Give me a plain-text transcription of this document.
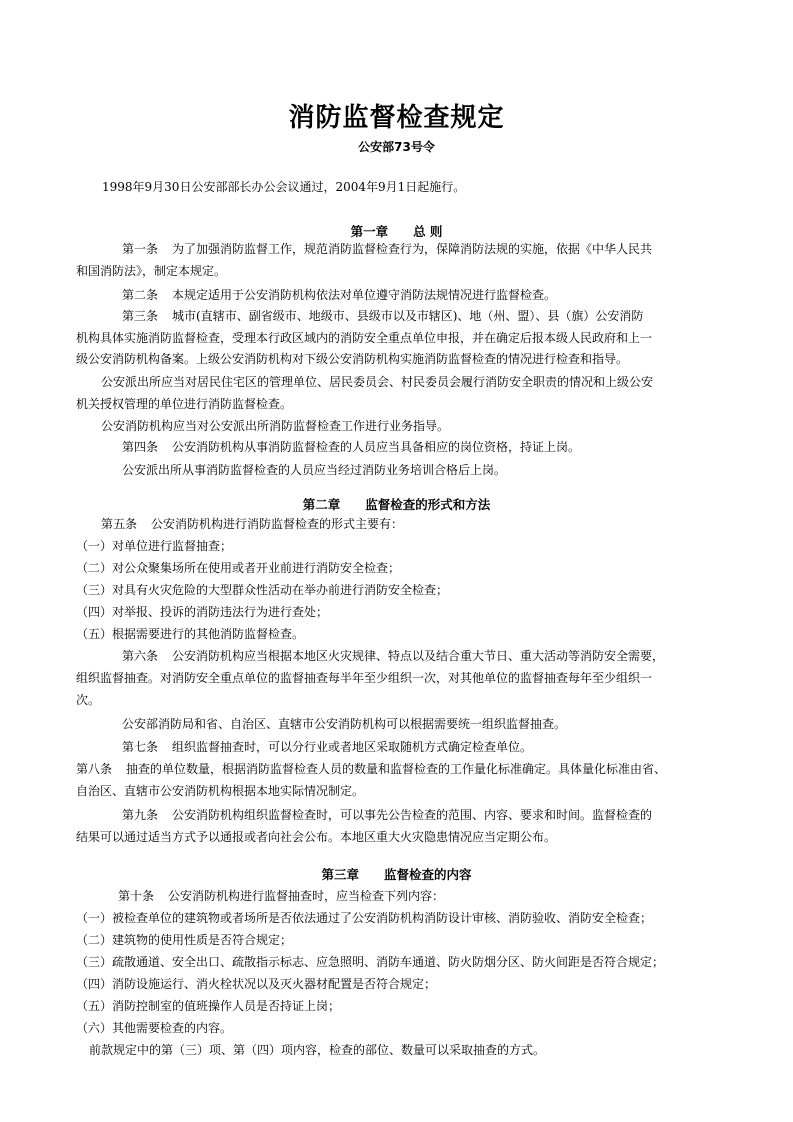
消防监督检查规定
公安部73号令
1998年9月30日公安部部长办公会议通过，2004年9月1日起施行。
第一章　　总 则
第一条 为了加强消防监督工作，规范消防监督检查行为，保障消防法规的实施，依据《中华人民共
和国消防法》，制定本规定。
第二条 本规定适用于公安消防机构依法对单位遵守消防法规情况进行监督检查。
第三条 城市(直辖市、副省级市、地级市、县级市以及市辖区)、地（州、盟）、县（旗）公安消防
机构具体实施消防监督检查，受理本行政区域内的消防安全重点单位申报，并在确定后报本级人民政府和上一
级公安消防机构备案。上级公安消防机构对下级公安消防机构实施消防监督检查的情况进行检查和指导。
公安派出所应当对居民住宅区的管理单位、居民委员会、村民委员会履行消防安全职责的情况和上级公安
机关授权管理的单位进行消防监督检查。
公安消防机构应当对公安派出所消防监督检查工作进行业务指导。
第四条 公安消防机构从事消防监督检查的人员应当具备相应的岗位资格，持证上岗。
公安派出所从事消防监督检查的人员应当经过消防业务培训合格后上岗。
第二章　　监督检查的形式和方法
第五条 公安消防机构进行消防监督检查的形式主要有：
（一）对单位进行监督抽查；
（二）对公众聚集场所在使用或者开业前进行消防安全检查；
（三）对具有火灾危险的大型群众性活动在举办前进行消防安全检查；
（四）对举报、投诉的消防违法行为进行查处；
（五）根据需要进行的其他消防监督检查。
第六条 公安消防机构应当根据本地区火灾规律、特点以及结合重大节日、重大活动等消防安全需要，
组织监督抽查。对消防安全重点单位的监督抽查每半年至少组织一次，对其他单位的监督抽查每年至少组织一
次。
公安部消防局和省、自治区、直辖市公安消防机构可以根据需要统一组织监督抽查。
第七条 组织监督抽查时，可以分行业或者地区采取随机方式确定检查单位。
第八条 抽查的单位数量，根据消防监督检查人员的数量和监督检查的工作量化标准确定。具体量化标准由省、
自治区、直辖市公安消防机构根据本地实际情况制定。
第九条 公安消防机构组织监督检查时，可以事先公告检查的范围、内容、要求和时间。监督检查的
结果可以通过适当方式予以通报或者向社会公布。本地区重大火灾隐患情况应当定期公布。
第三章　　监督检查的内容
第十条 公安消防机构进行监督抽查时，应当检查下列内容：
（一）被检查单位的建筑物或者场所是否依法通过了公安消防机构消防设计审核、消防验收、消防安全检查；
（二）建筑物的使用性质是否符合规定；
（三）疏散通道、安全出口、疏散指示标志、应急照明、消防车通道、防火防烟分区、防火间距是否符合规定；
（四）消防设施运行、消火栓状况以及灭火器材配置是否符合规定；
（五）消防控制室的值班操作人员是否持证上岗；
（六）其他需要检查的内容。
前款规定中的第（三）项、第（四）项内容，检查的部位、数量可以采取抽查的方式。
